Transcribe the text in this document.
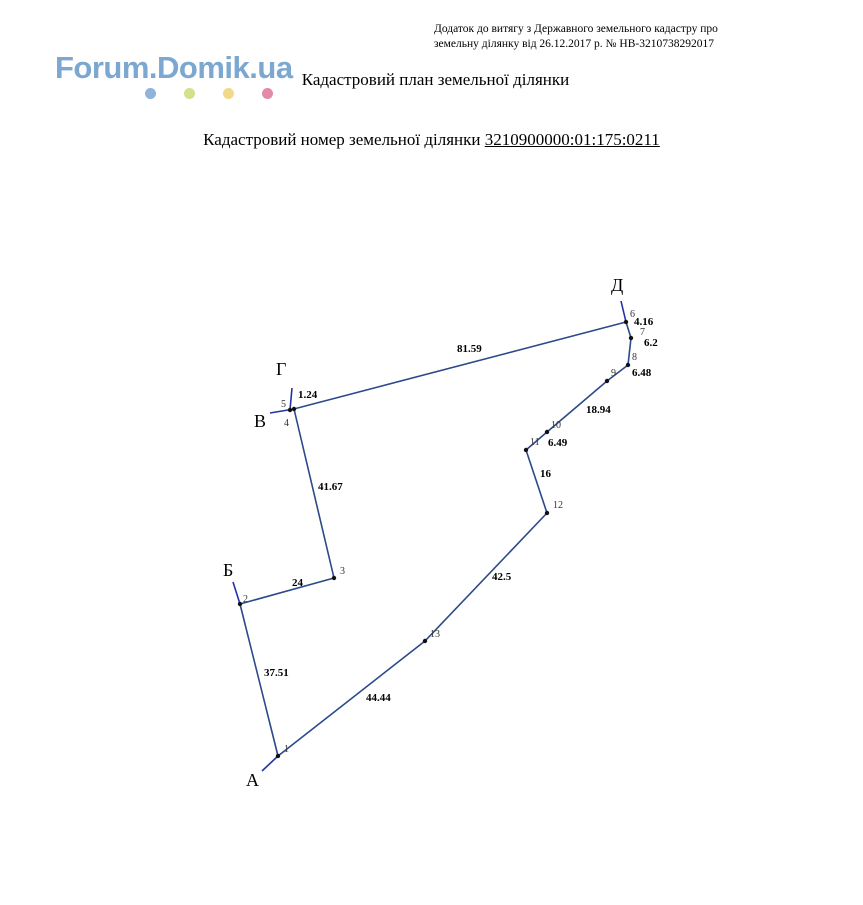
Додаток до витягу з Державного земельного кадастру про
земельну ділянку від 26.12.2017 р. № НВ-3210738292017
Forum.Domik.ua Кадастровий план земельної ділянки
Кадастровий номер земельної ділянки 3210900000:01:175:0211
37.51
24
41.67
1.24
81.59
4.16
6.2
6.48
18.94
6.49
16
42.5
44.44
1
2
3
4
5
6
7
8
9
10
11
12
13
А
Б
В
Г
Д
